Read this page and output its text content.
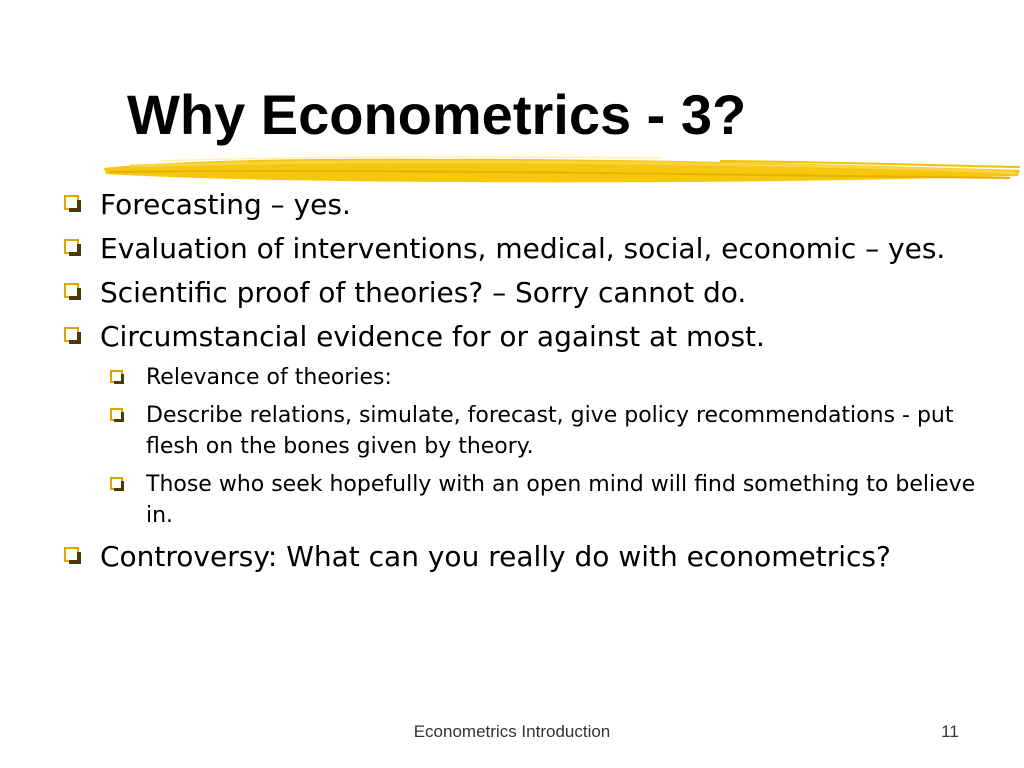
Why Econometrics - 3?
Forecasting – yes.
Evaluation of interventions, medical, social, economic – yes.
Scientific proof of theories? – Sorry cannot do.
Circumstancial evidence for or against at most.
Relevance of theories:
Describe relations, simulate, forecast, give policy recommendations - put flesh on the bones given by theory.
Those who seek hopefully with an open mind will find something to believe in.
Controversy: What can you really do with econometrics?
Econometrics Introduction	11
